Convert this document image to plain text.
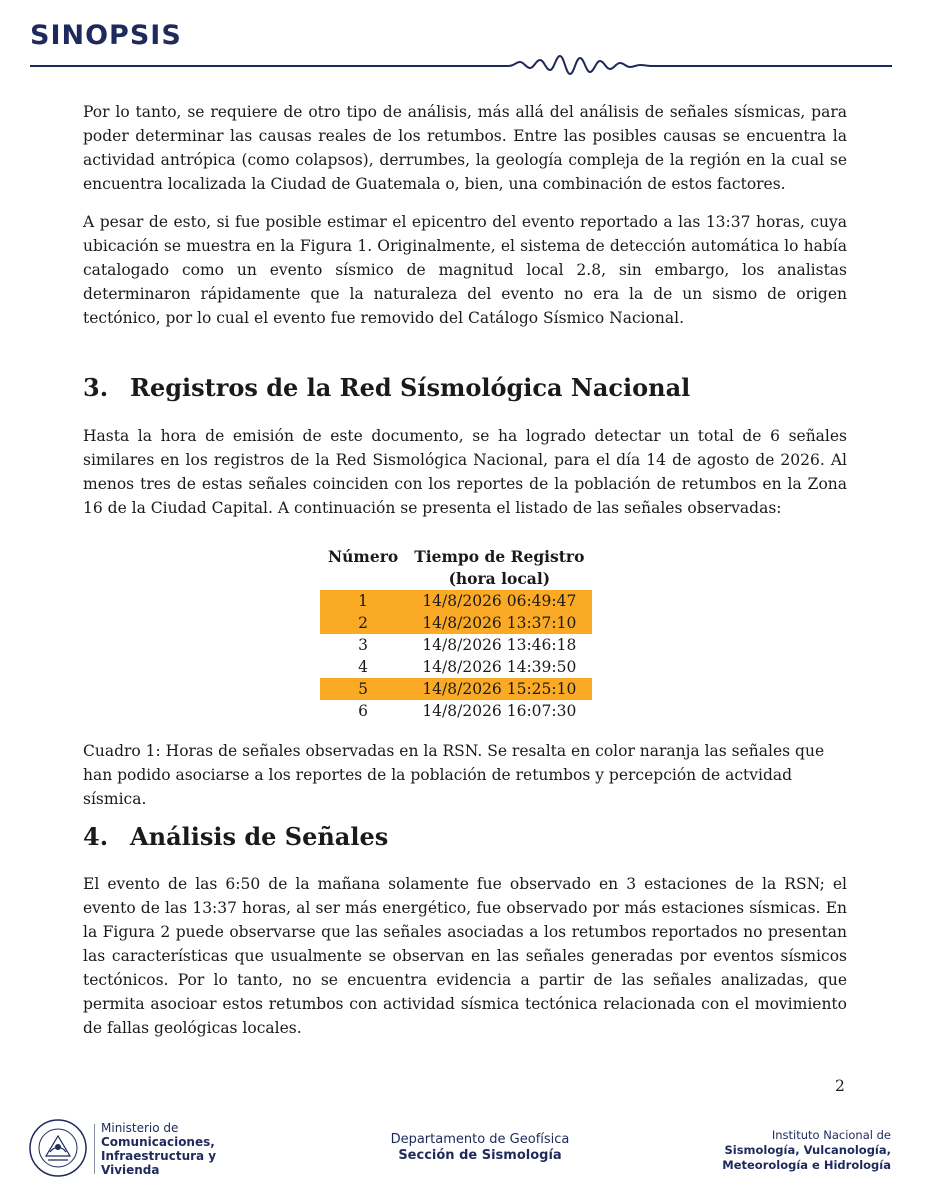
SINOPSIS

Por lo tanto, se requiere de otro tipo de análisis, más allá del análisis de señales sísmicas, para poder determinar las causas reales de los retumbos. Entre las posibles causas se encuentra la actividad antrópica (como colapsos), derrumbes, la geología compleja de la región en la cual se encuentra localizada la Ciudad de Guatemala o, bien, una combinación de estos factores.

A pesar de esto, si fue posible estimar el epicentro del evento reportado a las 13:37 horas, cuya ubicación se muestra en la Figura 1. Originalmente, el sistema de detección automática lo había catalogado como un evento sísmico de magnitud local 2.8, sin embargo, los analistas determinaron rápidamente que la naturaleza del evento no era la de un sismo de origen tectónico, por lo cual el evento fue removido del Catálogo Sísmico Nacional.

3. Registros de la Red Sísmológica Nacional

Hasta la hora de emisión de este documento, se ha logrado detectar un total de 6 señales similares en los registros de la Red Sismológica Nacional, para el día 14 de agosto de 2026. Al menos tres de estas señales coinciden con los reportes de la población de retumbos en la Zona 16 de la Ciudad Capital. A continuación se presenta el listado de las señales observadas:

Número	Tiempo de Registro
(hora local)
1	14/8/2026 06:49:47
2	14/8/2026 13:37:10
3	14/8/2026 13:46:18
4	14/8/2026 14:39:50
5	14/8/2026 15:25:10
6	14/8/2026 16:07:30

Cuadro 1: Horas de señales observadas en la RSN. Se resalta en color naranja las señales que han podido asociarse a los reportes de la población de retumbos y percepción de actvidad sísmica.

4. Análisis de Señales

El evento de las 6:50 de la mañana solamente fue observado en 3 estaciones de la RSN; el evento de las 13:37 horas, al ser más energético, fue observado por más estaciones sísmicas. En la Figura 2 puede observarse que las señales asociadas a los retumbos reportados no presentan las características que usualmente se observan en las señales generadas por eventos sísmicos tectónicos. Por lo tanto, no se encuentra evidencia a partir de las señales analizadas, que permita asocioar estos retumbos con actividad sísmica tectónica relacionada con el movimiento de fallas geológicas locales.

2
Ministerio de
Comunicaciones,
Infraestructura y
Vivienda
Departamento de Geofísica
Sección de Sismología
Instituto Nacional de
Sismología, Vulcanología,
Meteorología e Hidrología
